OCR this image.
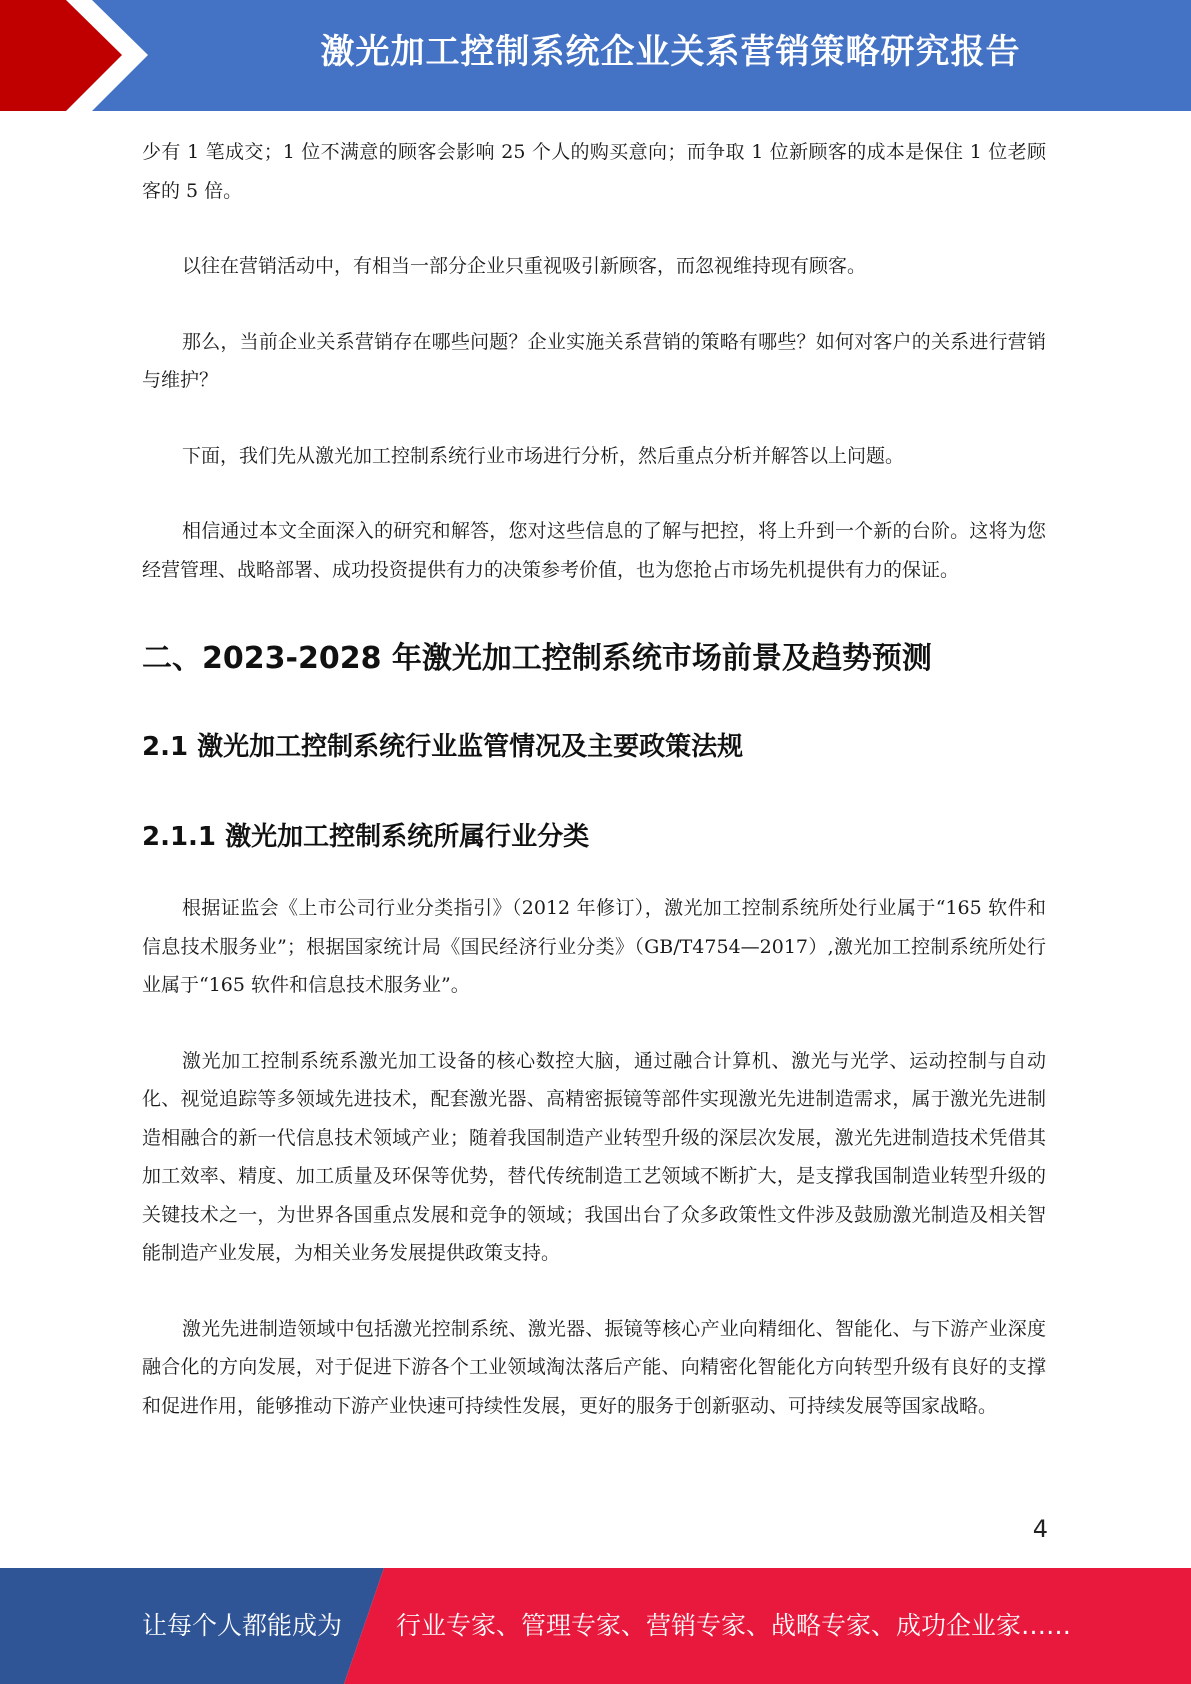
激光加工控制系统企业关系营销策略研究报告

少有 1 笔成交；1 位不满意的顾客会影响 25 个人的购买意向；而争取 1 位新顾客的成本是保住 1 位老顾客的 5 倍。

以往在营销活动中，有相当一部分企业只重视吸引新顾客，而忽视维持现有顾客。

那么，当前企业关系营销存在哪些问题？企业实施关系营销的策略有哪些？如何对客户的关系进行营销与维护？

下面，我们先从激光加工控制系统行业市场进行分析，然后重点分析并解答以上问题。

相信通过本文全面深入的研究和解答，您对这些信息的了解与把控，将上升到一个新的台阶。这将为您经营管理、战略部署、成功投资提供有力的决策参考价值，也为您抢占市场先机提供有力的保证。

二、2023-2028 年激光加工控制系统市场前景及趋势预测
2.1 激光加工控制系统行业监管情况及主要政策法规
2.1.1 激光加工控制系统所属行业分类

根据证监会《上市公司行业分类指引》（2012 年修订），激光加工控制系统所处行业属于“165 软件和信息技术服务业”；根据国家统计局《国民经济行业分类》（GB/T4754—2017）,激光加工控制系统所处行业属于“165 软件和信息技术服务业”。

激光加工控制系统系激光加工设备的核心数控大脑，通过融合计算机、激光与光学、运动控制与自动化、视觉追踪等多领域先进技术，配套激光器、高精密振镜等部件实现激光先进制造需求，属于激光先进制造相融合的新一代信息技术领域产业；随着我国制造产业转型升级的深层次发展，激光先进制造技术凭借其加工效率、精度、加工质量及环保等优势，替代传统制造工艺领域不断扩大，是支撑我国制造业转型升级的关键技术之一，为世界各国重点发展和竞争的领域；我国出台了众多政策性文件涉及鼓励激光制造及相关智能制造产业发展，为相关业务发展提供政策支持。

激光先进制造领域中包括激光控制系统、激光器、振镜等核心产业向精细化、智能化、与下游产业深度融合化的方向发展，对于促进下游各个工业领域淘汰落后产能、向精密化智能化方向转型升级有良好的支撑和促进作用，能够推动下游产业快速可持续性发展，更好的服务于创新驱动、可持续发展等国家战略。

4
让每个人都能成为 行业专家、管理专家、营销专家、战略专家、成功企业家……
